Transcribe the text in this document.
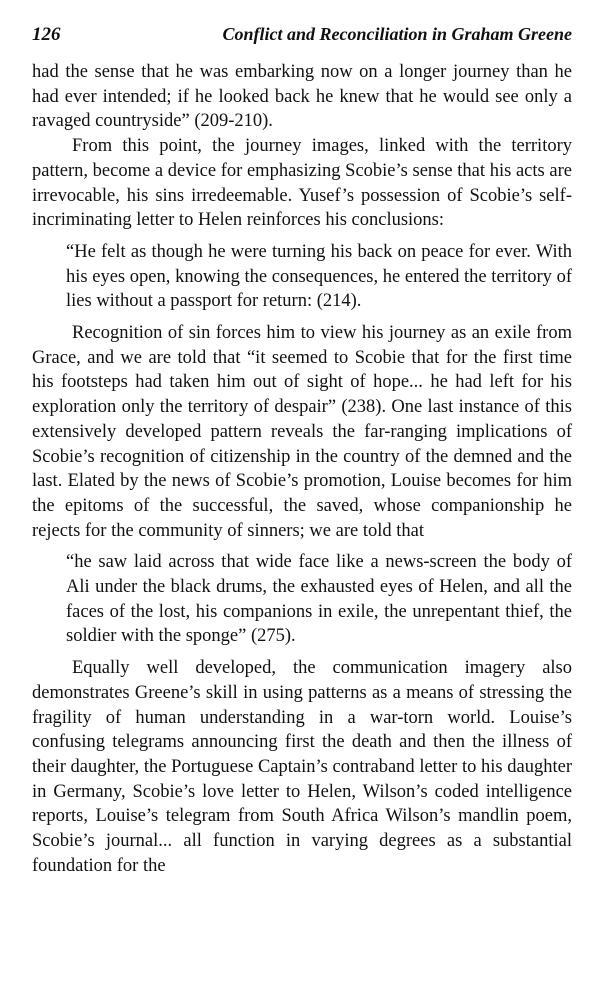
126	Conflict and Reconciliation in Graham Greene

had the sense that he was embarking now on a longer journey than he had ever intended; if he looked back he knew that he would see only a ravaged countryside” (209-210).

From this point, the journey images, linked with the territory pattern, become a device for emphasizing Scobie’s sense that his acts are irrevocable, his sins irredeemable. Yusef’s possession of Scobie’s self-incriminating letter to Helen reinforces his conclusions:

“He felt as though he were turning his back on peace for ever. With his eyes open, knowing the consequences, he entered the territory of lies without a passport for return: (214).

Recognition of sin forces him to view his journey as an exile from Grace, and we are told that “it seemed to Scobie that for the first time his footsteps had taken him out of sight of hope... he had left for his exploration only the territory of despair” (238). One last instance of this extensively developed pattern reveals the far-ranging implications of Scobie’s recognition of citizenship in the country of the demned and the last. Elated by the news of Scobie’s promotion, Louise becomes for him the epitoms of the successful, the saved, whose companionship he rejects for the community of sinners; we are told that

“he saw laid across that wide face like a news-screen the body of Ali under the black drums, the exhausted eyes of Helen, and all the faces of the lost, his companions in exile, the unrepentant thief, the soldier with the sponge” (275).

Equally well developed, the communication imagery also demonstrates Greene’s skill in using patterns as a means of stressing the fragility of human understanding in a war-torn world. Louise’s confusing telegrams announcing first the death and then the illness of their daughter, the Portuguese Captain’s contraband letter to his daughter in Germany, Scobie’s love letter to Helen, Wilson’s coded intelligence reports, Louise’s telegram from South Africa Wilson’s mandlin poem, Scobie’s journal... all function in varying degrees as a substantial foundation for the
